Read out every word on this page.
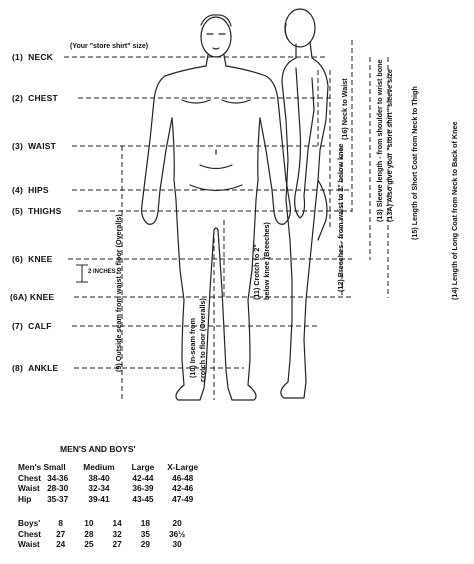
(1) NECK
(Your "store shirt" size)
(2) CHEST
(3) WAIST
(4) HIPS
(5) THIGHS
(6) KNEE
2 INCHES
(6A) KNEE
(7) CALF
(8) ANKLE	(9) Outside seam from waist to floor (Overalls)	(10) In-seam from crotch to floor (Overalls)
(11) Crotch to 2" below knee (Breeches)	(12) Breeches - from waist to 2" below knee
(16) Neck to Waist	(13) Sleeve length - from shoulder to wrist bone (13A) Also give your "store shirt" sleeve size (15) Length of Short Coat from Neck to Thigh	(14) Length of Long Coat from Neck to Back of Knee
MEN'S AND BOYS'
Men's Small		Medium	Large	X-Large
Chest	34-36	38-40	42-44	46-48
Waist	28-30	32-34	36-39	42-46
Hip	35-37	39-41	43-45	47-49
Boys'	8	10	14	18	20
Chest	27	28	32	35	36½
Waist	24	25	27	29	30
